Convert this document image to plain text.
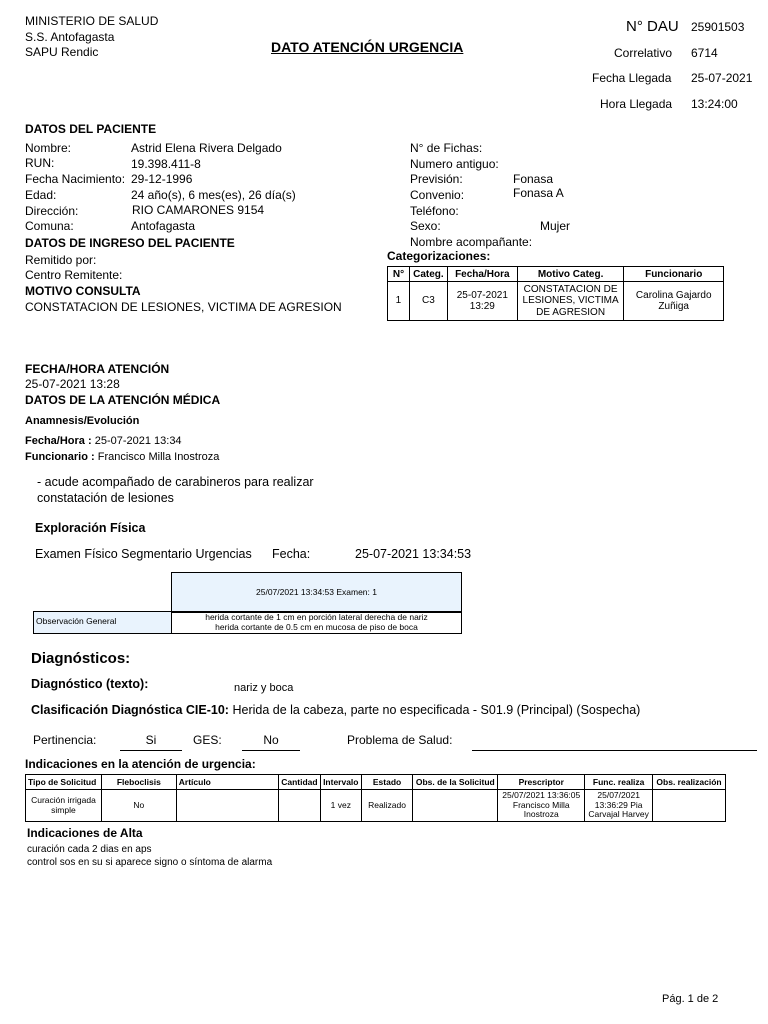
MINISTERIO DE SALUD
S.S. Antofagasta
SAPU Rendic	DATO ATENCIÓN URGENCIA
N° DAU 25901503
Correlativo 6714
Fecha Llegada 25-07-2021
Hora Llegada 13:24:00
DATOS DEL PACIENTE
Nombre:	Astrid Elena Rivera Delgado
RUN:	19.398.411-8
Fecha Nacimiento: 29-12-1996
Edad:	24 año(s), 6 mes(es), 26 día(s)
Dirección:	RIO CAMARONES 9154
Comuna:	Antofagasta
N° de Fichas:
Numero antiguo:
Previsión:	Fonasa
Convenio:	Fonasa A
Teléfono:
Sexo:	Mujer
Nombre acompañante:
DATOS DE INGRESO DEL PACIENTE
Remitido por:
Centro Remitente:
MOTIVO CONSULTA
CONSTATACION DE LESIONES, VICTIMA DE AGRESION
Categorizaciones:
N°	Categ.	Fecha/Hora	Motivo Categ.	Funcionario
1	C3	25-07-2021 13:29	CONSTATACION DE LESIONES, VICTIMA DE AGRESION	Carolina Gajardo Zuñiga
FECHA/HORA ATENCIÓN
25-07-2021 13:28
DATOS DE LA ATENCIÓN MÉDICA
Anamnesis/Evolución
Fecha/Hora : 25-07-2021 13:34
Funcionario : Francisco Milla Inostroza
- acude acompañado de carabineros para realizar
constatación de lesiones
Exploración Física
Examen Físico Segmentario Urgencias Fecha:	25-07-2021 13:34:53
25/07/2021 13:34:53 Examen: 1
Observación General	herida cortante de 1 cm en porción lateral derecha de nariz
herida cortante de 0.5 cm en mucosa de piso de boca
Diagnósticos:
Diagnóstico (texto):	nariz y boca
Clasificación Diagnóstica CIE-10: Herida de la cabeza, parte no especificada - S01.9 (Principal) (Sospecha)
Pertinencia:	Si	GES:	No	Problema de Salud:
Indicaciones en la atención de urgencia:
Tipo de Solicitud	Fleboclisis	Artículo	Cantidad	Intervalo	Estado	Obs. de la Solicitud	Prescriptor	Func. realiza	Obs. realización
Curación irrigada simple	No			1 vez	Realizado		25/07/2021 13:36:05 Francisco Milla Inostroza	25/07/2021 13:36:29 Pia Carvajal Harvey	
Indicaciones de Alta
curación cada 2 dias en aps
control sos en su si aparece signo o síntoma de alarma
Pág. 1 de 2
